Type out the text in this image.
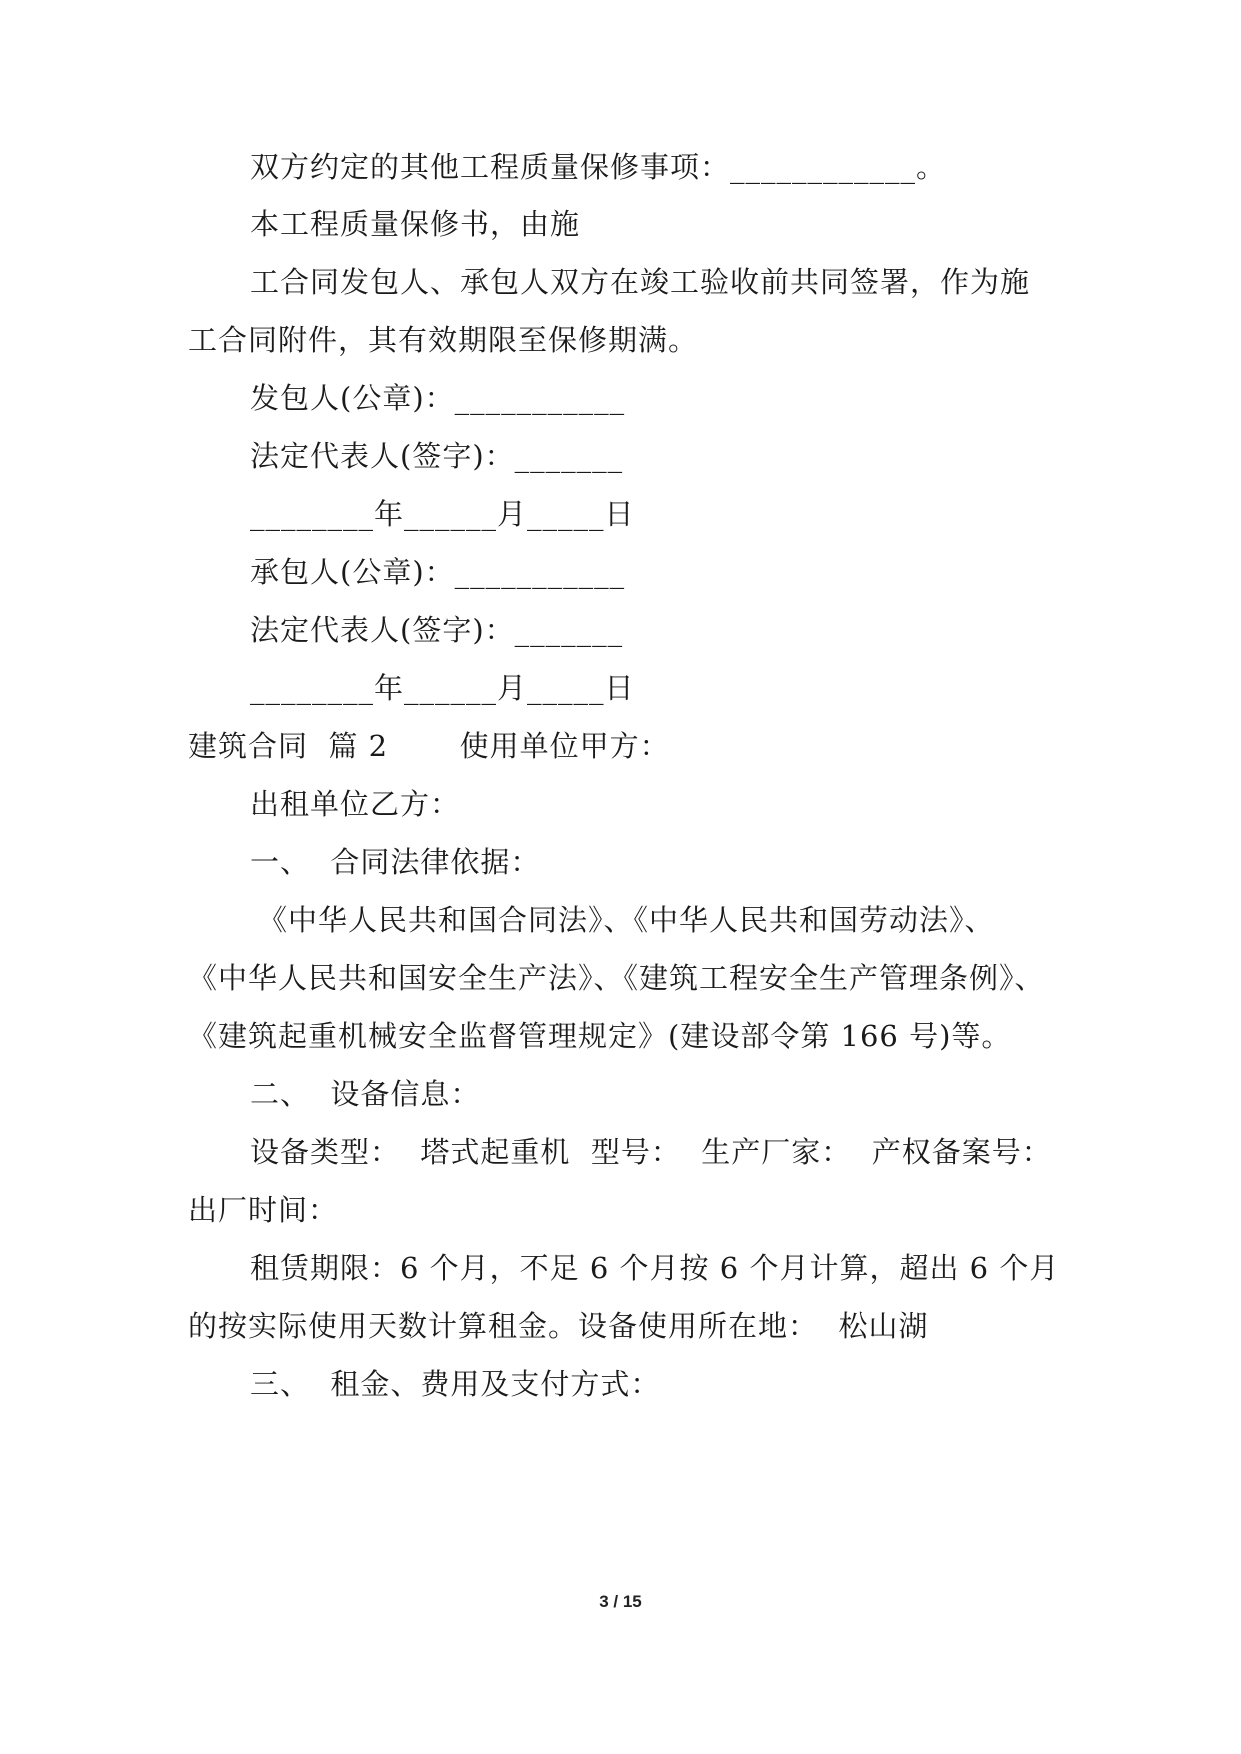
双方约定的其他工程质量保修事项：____________。
本工程质量保修书，由施
工合同发包人、承包人双方在竣工验收前共同签署，作为施
工合同附件，其有效期限至保修期满。
发包人(公章)：___________
法定代表人(签字)：_______
________年______月_____日
承包人(公章)：___________
法定代表人(签字)：_______
________年______月_____日
建筑合同  篇 2       使用单位甲方：
出租单位乙方：
一、  合同法律依据：
《中华人民共和国合同法》、《中华人民共和国劳动法》、
《中华人民共和国安全生产法》、《建筑工程安全生产管理条例》、
《建筑起重机械安全监督管理规定》(建设部令第 166 号)等。
二、  设备信息：
设备类型：  塔式起重机  型号：  生产厂家：  产权备案号：
出厂时间：
租赁期限：6 个月，不足 6 个月按 6 个月计算，超出 6 个月
的按实际使用天数计算租金。设备使用所在地：  松山湖
三、  租金、费用及支付方式：
3 / 15
